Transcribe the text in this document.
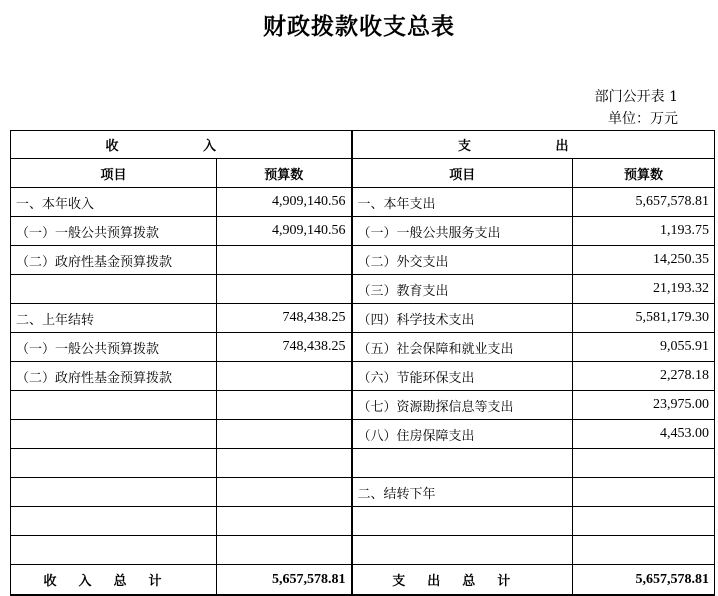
财政拨款收支总表
部门公开表 1
单位：万元
收 入		支 出	
项目	预算数	项目	预算数
一、本年收入	4,909,140.56	一、本年支出	5,657,578.81
（一）一般公共预算拨款	4,909,140.56	（一）一般公共服务支出	1,193.75
（二）政府性基金预算拨款		（二）外交支出	14,250.35
		（三）教育支出	21,193.32
二、上年结转	748,438.25	（四）科学技术支出	5,581,179.30
（一）一般公共预算拨款	748,438.25	（五）社会保障和就业支出	9,055.91
（二）政府性基金预算拨款		（六）节能环保支出	2,278.18
		（七）资源勘探信息等支出	23,975.00
		（八）住房保障支出	4,453.00

		二、结转下年	

收入总计	5,657,578.81	支出总计	5,657,578.81
